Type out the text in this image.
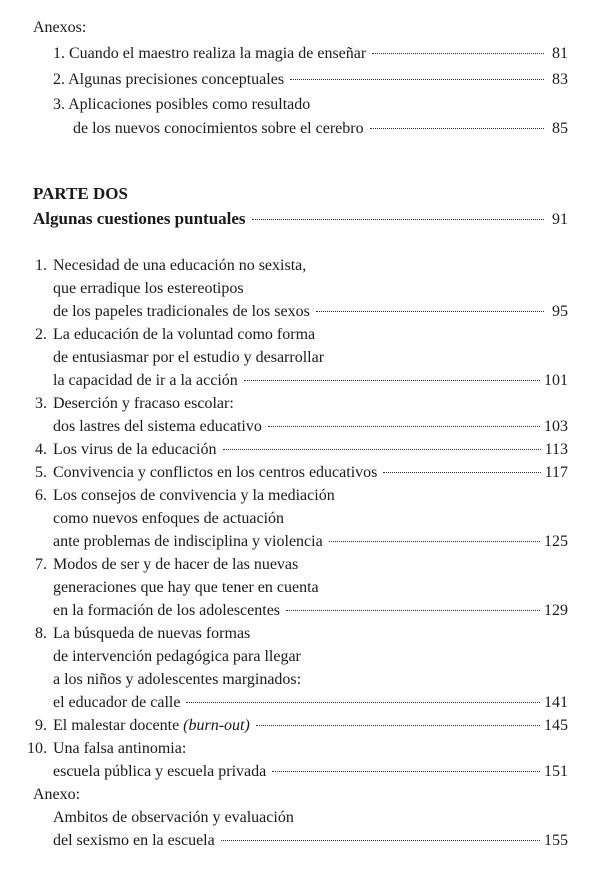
Anexos:
1. Cuando el maestro realiza la magia de enseñar	81
2. Algunas precisiones conceptuales	83
3. Aplicaciones posibles como resultado
de los nuevos conocimientos sobre el cerebro	85
PARTE DOS
Algunas cuestiones puntuales	91
1. Necesidad de una educación no sexista,
que erradique los estereotipos
de los papeles tradicionales de los sexos	95
2. La educación de la voluntad como forma
de entusiasmar por el estudio y desarrollar
la capacidad de ir a la acción	101
3. Deserción y fracaso escolar:
dos lastres del sistema educativo	103
4. Los virus de la educación	113
5. Convivencia y conflictos en los centros educativos	117
6. Los consejos de convivencia y la mediación
como nuevos enfoques de actuación
ante problemas de indisciplina y violencia	125
7. Modos de ser y de hacer de las nuevas
generaciones que hay que tener en cuenta
en la formación de los adolescentes	129
8. La búsqueda de nuevas formas
de intervención pedagógica para llegar
a los niños y adolescentes marginados:
el educador de calle	141
9. El malestar docente (burn-out)	145
10. Una falsa antinomia:
escuela pública y escuela privada	151
Anexo:
Ambitos de observación y evaluación
del sexismo en la escuela	155
